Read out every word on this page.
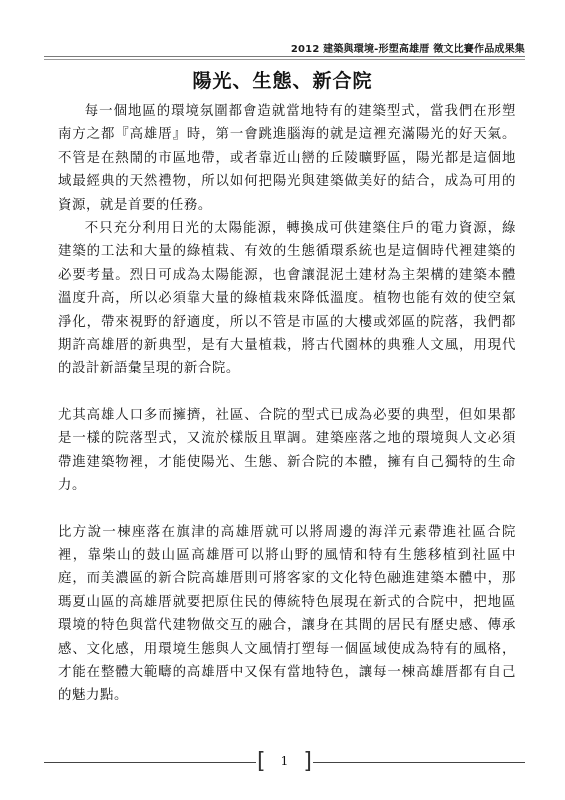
2012 建築與環境-形塑高雄厝 徵文比賽作品成果集
陽光、生態、新合院

每一個地區的環境氛圍都會造就當地特有的建築型式，當我們在形塑南方之都『高雄厝』時，第一會跳進腦海的就是這裡充滿陽光的好天氣。不管是在熱鬧的市區地帶，或者靠近山巒的丘陵曠野區，陽光都是這個地域最經典的天然禮物，所以如何把陽光與建築做美好的結合，成為可用的資源，就是首要的任務。

不只充分利用日光的太陽能源，轉換成可供建築住戶的電力資源，綠建築的工法和大量的綠植栽、有效的生態循環系統也是這個時代裡建築的必要考量。烈日可成為太陽能源，也會讓混泥土建材為主架構的建築本體溫度升高，所以必須靠大量的綠植栽來降低溫度。植物也能有效的使空氣淨化，帶來視野的舒適度，所以不管是市區的大樓或郊區的院落，我們都期許高雄厝的新典型，是有大量植栽，將古代園林的典雅人文風，用現代的設計新語彙呈現的新合院。

尤其高雄人口多而擁擠，社區、合院的型式已成為必要的典型，但如果都是一樣的院落型式，又流於樣版且單調。建築座落之地的環境與人文必須帶進建築物裡，才能使陽光、生態、新合院的本體，擁有自己獨特的生命力。

比方說一棟座落在旗津的高雄厝就可以將周邊的海洋元素帶進社區合院裡，靠柴山的鼓山區高雄厝可以將山野的風情和特有生態移植到社區中庭，而美濃區的新合院高雄厝則可將客家的文化特色融進建築本體中，那瑪夏山區的高雄厝就要把原住民的傳統特色展現在新式的合院中，把地區環境的特色與當代建物做交互的融合，讓身在其間的居民有歷史感、傳承感、文化感，用環境生態與人文風情打塑每一個區域使成為特有的風格，才能在整體大範疇的高雄厝中又保有當地特色，讓每一棟高雄厝都有自己的魅力點。

[	1 ]
